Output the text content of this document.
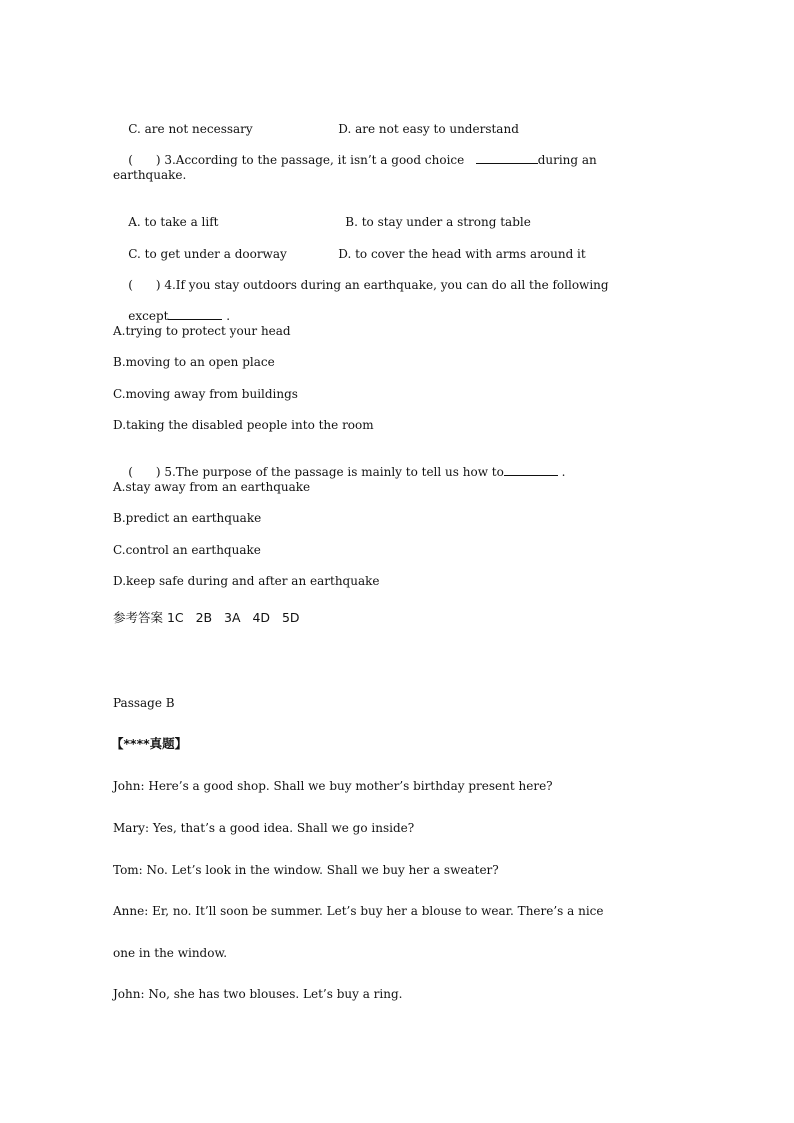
C. are not necessary	D. are not easy to understand

(      ) 3.According to the passage, it isn’t a good choice	during an

earthquake.

A. to take a lift	B. to stay under a strong table

C. to get under a doorway	D. to cover the head with arms around it

(      ) 4.If you stay outdoors during an earthquake, you can do all the following

except	.

A.trying to protect your head
B.moving to an open place
C.moving away from buildings
D.taking the disabled people into the room

(      ) 5.The purpose of the passage is mainly to tell us how to	.

A.stay away from an earthquake
B.predict an earthquake
C.control an earthquake
D.keep safe during and after an earthquake
参考答案 1C   2B   3A   4D   5D
Passage B
【****真题】
John: Here’s a good shop. Shall we buy mother’s birthday present here?
Mary: Yes, that’s a good idea. Shall we go inside?
Tom: No. Let’s look in the window. Shall we buy her a sweater?
Anne: Er, no. It’ll soon be summer. Let’s buy her a blouse to wear. There’s a nice
one in the window.
John: No, she has two blouses. Let’s buy a ring.
